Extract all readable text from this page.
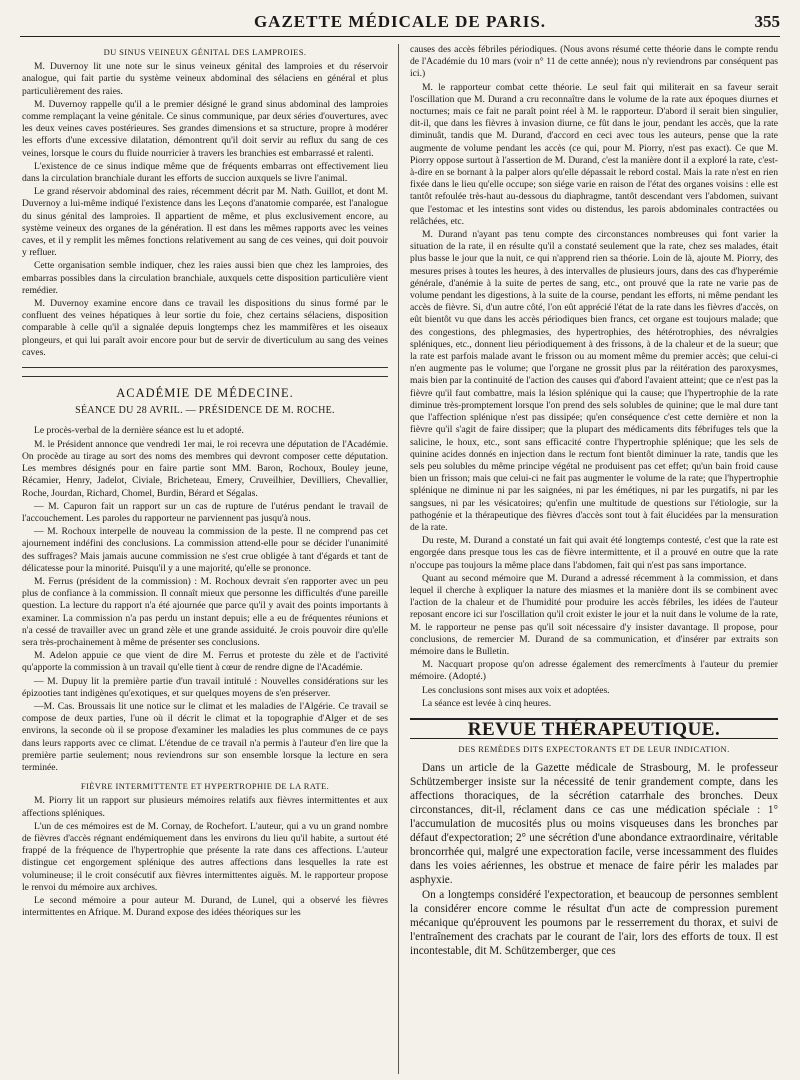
GAZETTE MÉDICALE DE PARIS.	355
DU SINUS VEINEUX GÉNITAL DES LAMPROIES.

M. Duvernoy lit une note sur le sinus veineux génital des lamproies et du réservoir analogue, qui fait partie du système veineux abdominal des sélaciens en général et plus particulièrement des raies.

M. Duvernoy rappelle qu'il a le premier désigné le grand sinus abdominal des lamproies comme remplaçant la veine génitale. Ce sinus communique, par deux séries d'ouvertures, avec les deux veines caves postérieures. Ses grandes dimensions et sa structure, propre à modérer les efforts d'une excessive dilatation, démontrent qu'il doit servir au reflux du sang de ces veines, lorsque le cours du fluide nourricier à travers les branchies est embarrassé et ralenti.

L'existence de ce sinus indique même que de fréquents embarras ont effectivement lieu dans la circulation branchiale durant les efforts de succion auxquels se livre l'animal.

Le grand réservoir abdominal des raies, récemment décrit par M. Nath. Guillot, et dont M. Duvernoy a lui-même indiqué l'existence dans les Leçons d'anatomie comparée, est l'analogue du sinus génital des lamproies. Il appartient de même, et plus exclusivement encore, au système veineux des organes de la génération. Il est dans les mêmes rapports avec les veines caves, et il y remplit les mêmes fonctions relativement au sang de ces veines, qui doit pouvoir y refluer.

Cette organisation semble indiquer, chez les raies aussi bien que chez les lamproies, des embarras possibles dans la circulation branchiale, auxquels cette disposition particulière vient remédier.

M. Duvernoy examine encore dans ce travail les dispositions du sinus formé par le confluent des veines hépatiques à leur sortie du foie, chez certains sélaciens, disposition comparable à celle qu'il a signalée depuis longtemps chez les mammifères et les oiseaux plongeurs, et qui lui paraît avoir encore pour but de servir de diverticulum au sang des veines caves.

ACADÉMIE DE MÉDECINE.
SÉANCE DU 28 AVRIL. — PRÉSIDENCE DE M. ROCHE.

Le procès-verbal de la dernière séance est lu et adopté.

M. le Président annonce que vendredi 1er mai, le roi recevra une députation de l'Académie. On procède au tirage au sort des noms des membres qui devront composer cette députation. Les membres désignés pour en faire partie sont MM. Baron, Rochoux, Bouley jeune, Récamier, Henry, Jadelot, Civiale, Bricheteau, Emery, Cruveilhier, Devilliers, Chevallier, Roche, Jourdan, Richard, Chomel, Burdin, Bérard et Ségalas.

— M. Capuron fait un rapport sur un cas de rupture de l'utérus pendant le travail de l'accouchement. Les paroles du rapporteur ne parviennent pas jusqu'à nous.

— M. Rochoux interpelle de nouveau la commission de la peste. Il ne comprend pas cet ajournement indéfini des conclusions. La commission attend-elle pour se décider l'unanimité des suffrages? Mais jamais aucune commission ne s'est crue obligée à tant d'égards et tant de délicatesse pour la minorité. Puisqu'il y a une majorité, qu'elle se prononce.

M. Ferrus (président de la commission) : M. Rochoux devrait s'en rapporter avec un peu plus de confiance à la commission. Il connaît mieux que personne les difficultés d'une pareille question. La lecture du rapport n'a été ajournée que parce qu'il y avait des points importants à examiner. La commission n'a pas perdu un instant depuis; elle a eu de fréquentes réunions et n'a cessé de travailler avec un grand zèle et une grande assiduité. Je crois pouvoir dire qu'elle sera très-prochainement à même de présenter ses conclusions.

M. Adelon appuie ce que vient de dire M. Ferrus et proteste du zèle et de l'activité qu'apporte la commission à un travail qu'elle tient à cœur de rendre digne de l'Académie.

— M. Dupuy lit la première partie d'un travail intitulé : Nouvelles considérations sur les épizooties tant indigènes qu'exotiques, et sur quelques moyens de s'en préserver.

—M. Cas. Broussais lit une notice sur le climat et les maladies de l'Algérie. Ce travail se compose de deux parties, l'une où il décrit le climat et la topographie d'Alger et de ses environs, la seconde où il se propose d'examiner les maladies les plus communes de ce pays dans leurs rapports avec ce climat. L'étendue de ce travail n'a permis à l'auteur d'en lire que la première partie seulement; nous reviendrons sur son ensemble lorsque la lecture en sera terminée.

FIÈVRE INTERMITTENTE ET HYPERTROPHIE DE LA RATE.

M. Piorry lit un rapport sur plusieurs mémoires relatifs aux fièvres intermittentes et aux affections spléniques.

L'un de ces mémoires est de M. Cornay, de Rochefort. L'auteur, qui a vu un grand nombre de fièvres d'accès régnant endémiquement dans les environs du lieu qu'il habite, a surtout été frappé de la fréquence de l'hypertrophie que présente la rate dans ces affections. L'auteur distingue cet engorgement splénique des autres affections dans lesquelles la rate est volumineuse; il le croit consécutif aux fièvres intermittentes aiguës. M. le rapporteur propose le renvoi du mémoire aux archives.

Le second mémoire a pour auteur M. Durand, de Lunel, qui a observé les fièvres intermittentes en Afrique. M. Durand expose des idées théoriques sur les

causes des accès fébriles périodiques. (Nous avons résumé cette théorie dans le compte rendu de l'Académie du 10 mars (voir n° 11 de cette année); nous n'y reviendrons par conséquent pas ici.)

M. le rapporteur combat cette théorie. Le seul fait qui militerait en sa faveur serait l'oscillation que M. Durand a cru reconnaître dans le volume de la rate aux époques diurnes et nocturnes; mais ce fait ne paraît point réel à M. le rapporteur. D'abord il serait bien singulier, dit-il, que dans les fièvres à invasion diurne, ce fût dans le jour, pendant les accès, que la rate diminuât, tandis que M. Durand, d'accord en ceci avec tous les auteurs, pense que la rate augmente de volume pendant les accès (ce qui, pour M. Piorry, n'est pas exact). Ce que M. Piorry oppose surtout à l'assertion de M. Durand, c'est la manière dont il a exploré la rate, c'est-à-dire en se bornant à la palper alors qu'elle dépassait le rebord costal. Mais la rate n'est en rien fixée dans le lieu qu'elle occupe; son siége varie en raison de l'état des organes voisins : elle est tantôt refoulée très-haut au-dessous du diaphragme, tantôt descendant vers l'abdomen, suivant que l'estomac et les intestins sont vides ou distendus, les parois abdominales contractées ou relâchées, etc.

M. Durand n'ayant pas tenu compte des circonstances nombreuses qui font varier la situation de la rate, il en résulte qu'il a constaté seulement que la rate, chez ses malades, était plus basse le jour que la nuit, ce qui n'apprend rien sa théorie. Loin de là, ajoute M. Piorry, des mesures prises à toutes les heures, à des intervalles de plusieurs jours, dans des cas d'hyperémie générale, d'anémie à la suite de pertes de sang, etc., ont prouvé que la rate ne varie pas de volume pendant les digestions, à la suite de la course, pendant les efforts, ni même pendant les accès de fièvre. Si, d'un autre côté, l'on eût apprécié l'état de la rate dans les fièvres d'accès, on eût bientôt vu que dans les accès périodiques bien francs, cet organe est toujours malade; que des congestions, des phlegmasies, des hypertrophies, des hétérotrophies, des névralgies spléniques, etc., donnent lieu périodiquement à des frissons, à de la chaleur et de la sueur; que la rate est parfois malade avant le frisson ou au moment même du premier accès; que celui-ci n'en augmente pas le volume; que l'organe ne grossit plus par la réitération des paroxysmes, mais bien par la continuité de l'action des causes qui d'abord l'avaient atteint; que ce n'est pas la fièvre qu'il faut combattre, mais la lésion splénique qui la cause; que l'hypertrophie de la rate diminue très-promptement lorsque l'on prend des sels solubles de quinine; que le mal dure tant que l'affection splénique n'est pas dissipée; qu'en conséquence c'est cette dernière et non la fièvre qu'il s'agit de faire dissiper; que la plupart des médicaments dits fébrifuges tels que la salicine, le houx, etc., sont sans efficacité contre l'hypertrophie splénique; que les sels de quinine acides donnés en injection dans le rectum font bientôt diminuer la rate, tandis que les sels peu solubles du même principe végétal ne produisent pas cet effet; qu'un bain froid cause bien un frisson; mais que celui-ci ne fait pas augmenter le volume de la rate; que l'hypertrophie splénique ne diminue ni par les saignées, ni par les émétiques, ni par les purgatifs, ni par les sangsues, ni par les vésicatoires; qu'enfin une multitude de questions sur l'étiologie, sur la pathogénie et la thérapeutique des fièvres d'accès sont tout à fait élucidées par la mensuration de la rate.

Du reste, M. Durand a constaté un fait qui avait été longtemps contesté, c'est que la rate est engorgée dans presque tous les cas de fièvre intermittente, et il a prouvé en outre que la rate n'occupe pas toujours la même place dans l'abdomen, fait qui n'est pas sans importance.

Quant au second mémoire que M. Durand a adressé récemment à la commission, et dans lequel il cherche à expliquer la nature des miasmes et la manière dont ils se combinent avec l'action de la chaleur et de l'humidité pour produire les accès fébriles, les idées de l'auteur reposant encore ici sur l'oscillation qu'il croit exister le jour et la nuit dans le volume de la rate, M. le rapporteur ne pense pas qu'il soit nécessaire d'y insister davantage. Il propose, pour conclusions, de remercier M. Durand de sa communication, et d'insérer par extraits son mémoire dans le Bulletin.

M. Nacquart propose qu'on adresse également des remercîments à l'auteur du premier mémoire. (Adopté.)

Les conclusions sont mises aux voix et adoptées.

La séance est levée à cinq heures.

REVUE THÉRAPEUTIQUE.
DES REMÈDES DITS EXPECTORANTS ET DE LEUR INDICATION.

Dans un article de la Gazette médicale de Strasbourg, M. le professeur Schützemberger insiste sur la nécessité de tenir grandement compte, dans les affections thoraciques, de la sécrétion catarrhale des bronches. Deux circonstances, dit-il, réclament dans ce cas une médication spéciale : 1° l'accumulation de mucosités plus ou moins visqueuses dans les bronches par défaut d'expectoration; 2° une sécrétion d'une abondance extraordinaire, véritable broncorrhée qui, malgré une expectoration facile, verse incessamment des fluides dans les voies aériennes, les obstrue et menace de faire périr les malades par asphyxie.

On a longtemps considéré l'expectoration, et beaucoup de personnes semblent la considérer encore comme le résultat d'un acte de compression purement mécanique qu'éprouvent les poumons par le resserrement du thorax, et suivi de l'entraînement des crachats par le courant de l'air, lors des efforts de toux. Il est incontestable, dit M. Schützemberger, que ces
